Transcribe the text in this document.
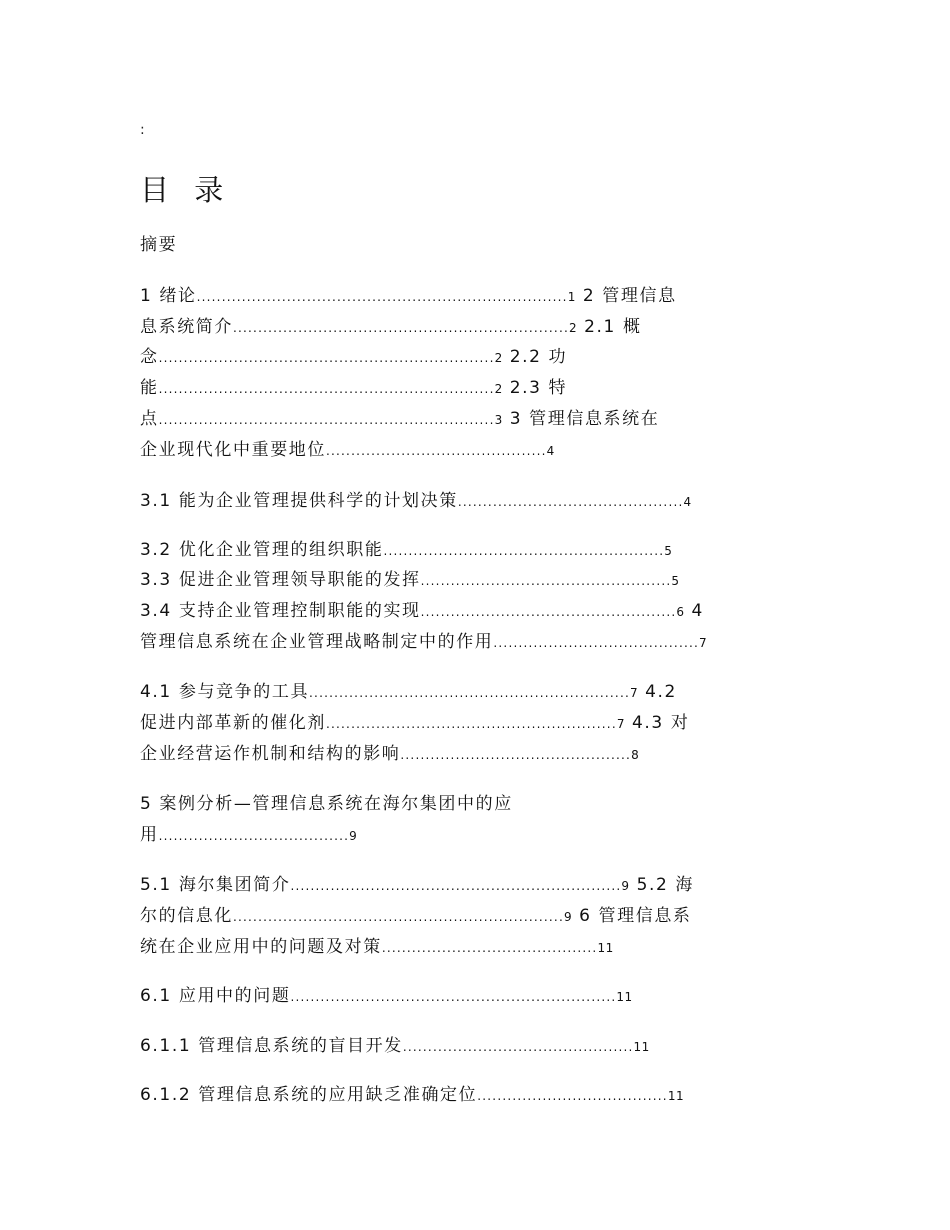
:
目 录
摘要
1 绪论..........................................................................1 2 管理信息
息系统简介...................................................................2 2.1 概
念...................................................................2 2.2 功
能...................................................................2 2.3 特
点...................................................................3 3 管理信息系统在
企业现代化中重要地位............................................4
3.1 能为企业管理提供科学的计划决策.............................................4
3.2 优化企业管理的组织职能........................................................5
3.3 促进企业管理领导职能的发挥..................................................5
3.4 支持企业管理控制职能的实现...................................................6 4
管理信息系统在企业管理战略制定中的作用.........................................7
4.1 参与竞争的工具................................................................7 4.2
促进内部革新的催化剂..........................................................7 4.3 对
企业经营运作机制和结构的影响..............................................8
5 案例分析—管理信息系统在海尔集团中的应
用......................................9
5.1 海尔集团简介..................................................................9 5.2 海
尔的信息化..................................................................9 6 管理信息系
统在企业应用中的问题及对策...........................................11
6.1 应用中的问题.................................................................11
6.1.1 管理信息系统的盲目开发..............................................11
6.1.2 管理信息系统的应用缺乏准确定位......................................11
